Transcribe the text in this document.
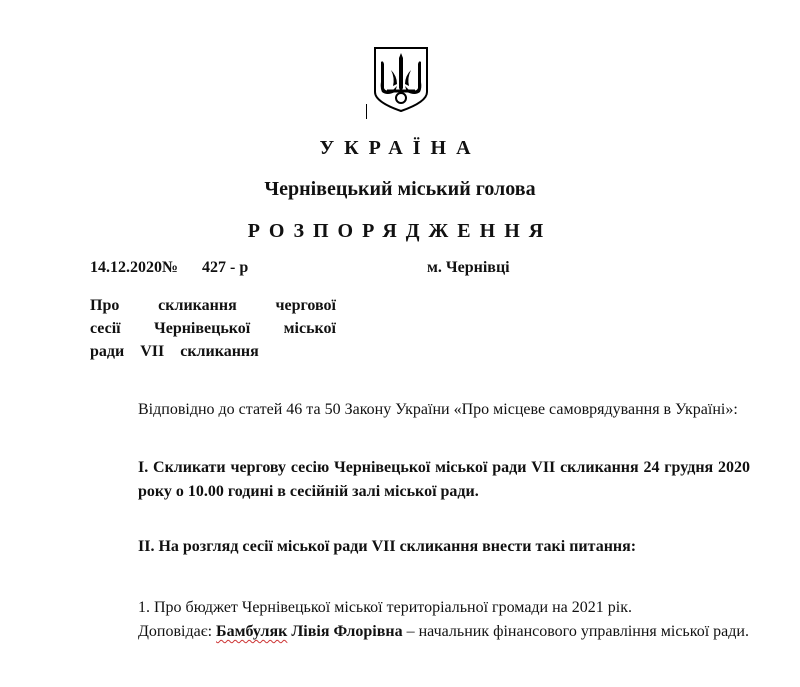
УКРАЇНА
Чернівецький міський голова
РОЗПОРЯДЖЕННЯ
14.12.2020№ 427 - р	м. Чернівці
Про скликання чергової
сесії Чернівецької міської
ради VІІ скликання
Відповідно до статей 46 та 50 Закону України «Про місцеве самоврядування в Україні»:
І. Скликати чергову сесію Чернівецької міської ради VІІ скликання 24 грудня 2020 року о 10.00 годині в сесійній залі міської ради.
ІІ. На розгляд сесії міської ради VІІ скликання внести такі питання:
1. Про бюджет Чернівецької міської територіальної громади на 2021 рік.
Доповідає: Бамбуляк Лівія Флорівна – начальник фінансового управління міської ради.
